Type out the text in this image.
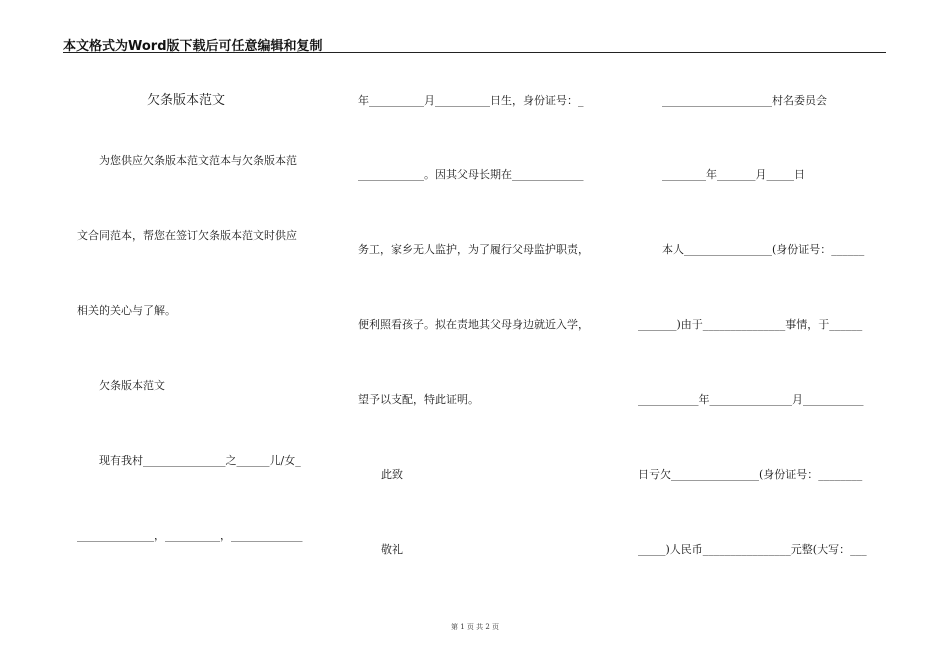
本文格式为Word版下载后可任意编辑和复制
欠条版本范文
为您供应欠条版本范文范本与欠条版本范
文合同范本，帮您在签订欠条版本范文时供应
相关的关心与了解。
欠条版本范文
现有我村_______________之______儿/女_
______________，__________，_____________
年__________月__________日生，身份证号：_
____________。因其父母长期在_____________
务工，家乡无人监护，为了履行父母监护职责，
便利照看孩子。拟在责地其父母身边就近入学，
望予以支配，特此证明。
此致
敬礼
____________________村名委员会
________年_______月_____日
本人________________(身份证号：______
_______)由于_______________事情，于______
___________年_______________月___________
日亏欠________________(身份证号：________
_____)人民币________________元整(大写：___
第 1 页 共 2 页
